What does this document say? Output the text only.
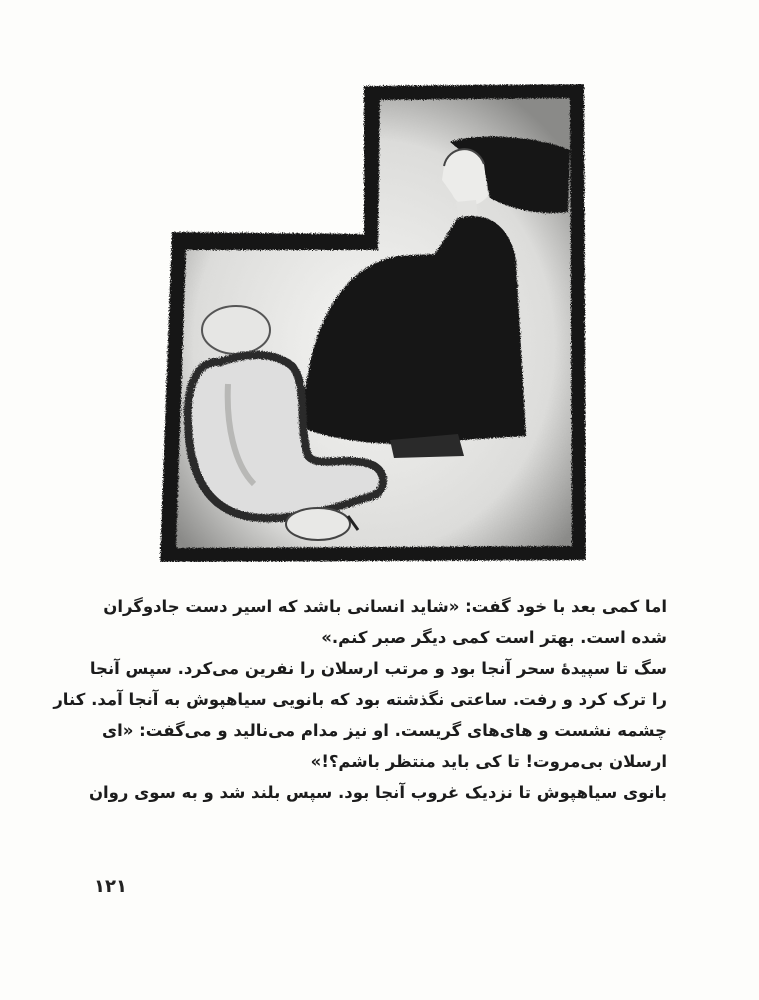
اما کمی بعد با خود گفت: «شاید انسانی باشد که اسیر دست جادوگران

شده است. بهتر است کمی دیگر صبر کنم.»

سگ تا سپیدهٔ سحر آنجا بود و مرتب ارسلان را نفرین می‌کرد. سپس آنجا

را ترک کرد و رفت. ساعتی نگذشته بود که بانویی سیاهپوش به آنجا آمد. کنار

چشمه نشست و های‌های گریست. او نیز مدام می‌نالید و می‌گفت: «ای

ارسلان بی‌مروت! تا کی باید منتظر باشم؟!»

بانوی سیاهپوش تا نزدیک غروب آنجا بود. سپس بلند شد و به سوی روان

۱۲۱
